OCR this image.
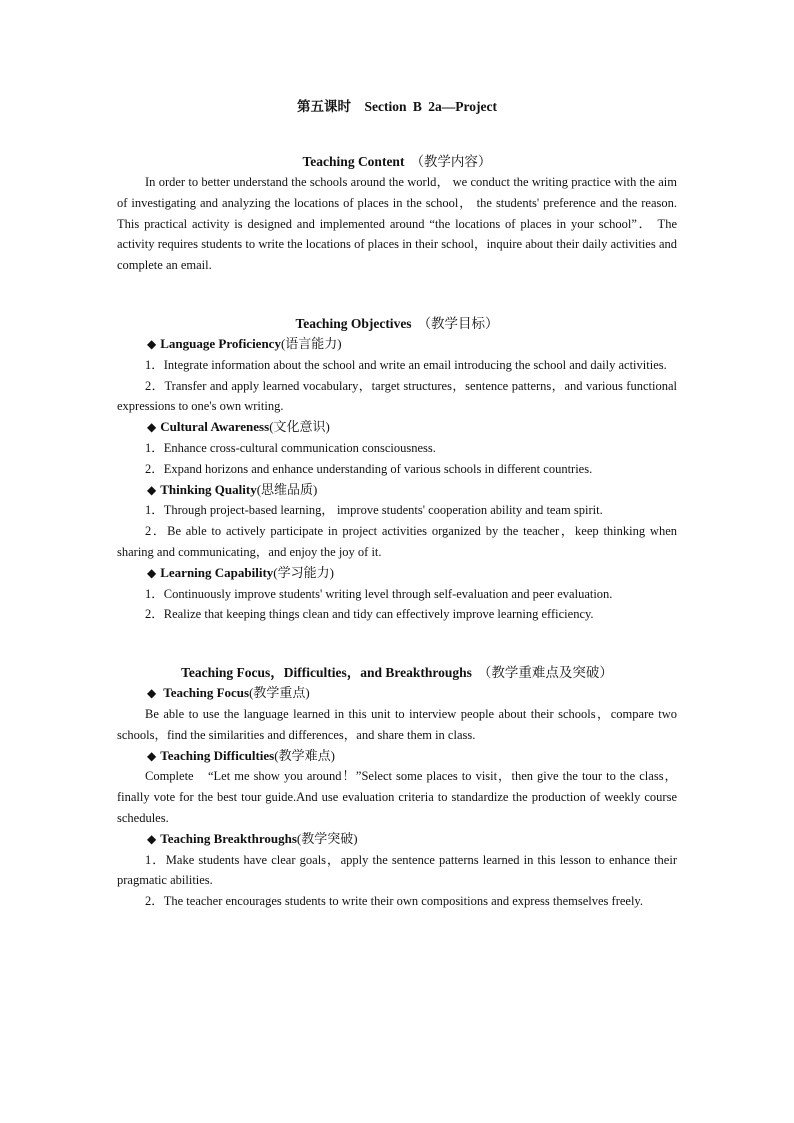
第五课时　Section B 2a—Project

Teaching Content （教学内容）

In order to better understand the schools around the world， we conduct the writing practice with the aim of investigating and analyzing the locations of places in the school， the students' preference and the reason. This practical activity is designed and implemented around “the locations of places in your school”． The activity requires students to write the locations of places in their school，inquire about their daily activities and complete an email.

Teaching Objectives （教学目标）

◆ Language Proficiency(语言能力)

1．Integrate information about the school and write an email introducing the school and daily activities.

2．Transfer and apply learned vocabulary，target structures，sentence patterns，and various functional expressions to one's own writing.

◆ Cultural Awareness(文化意识)

1．Enhance cross-cultural communication consciousness.

2．Expand horizons and enhance understanding of various schools in different countries.

◆ Thinking Quality(思维品质)

1．Through project-based learning， improve students' cooperation ability and team spirit.

2．Be able to actively participate in project activities organized by the teacher，keep thinking when sharing and communicating，and enjoy the joy of it.

◆ Learning Capability(学习能力)

1．Continuously improve students' writing level through self-evaluation and peer evaluation.

2．Realize that keeping things clean and tidy can effectively improve learning efficiency.

Teaching Focus，Difficulties，and Breakthroughs （教学重难点及突破）

◆ Teaching Focus(教学重点)

Be able to use the language learned in this unit to interview people about their schools，compare two schools，find the similarities and differences，and share them in class.

◆ Teaching Difficulties(教学难点)

Complete　“Let me show you around！”Select some places to visit，then give the tour to the class， finally vote for the best tour guide.And use evaluation criteria to standardize the production of weekly course schedules.

◆ Teaching Breakthroughs(教学突破)

1．Make students have clear goals，apply the sentence patterns learned in this lesson to enhance their pragmatic abilities.

2．The teacher encourages students to write their own compositions and express themselves freely.
